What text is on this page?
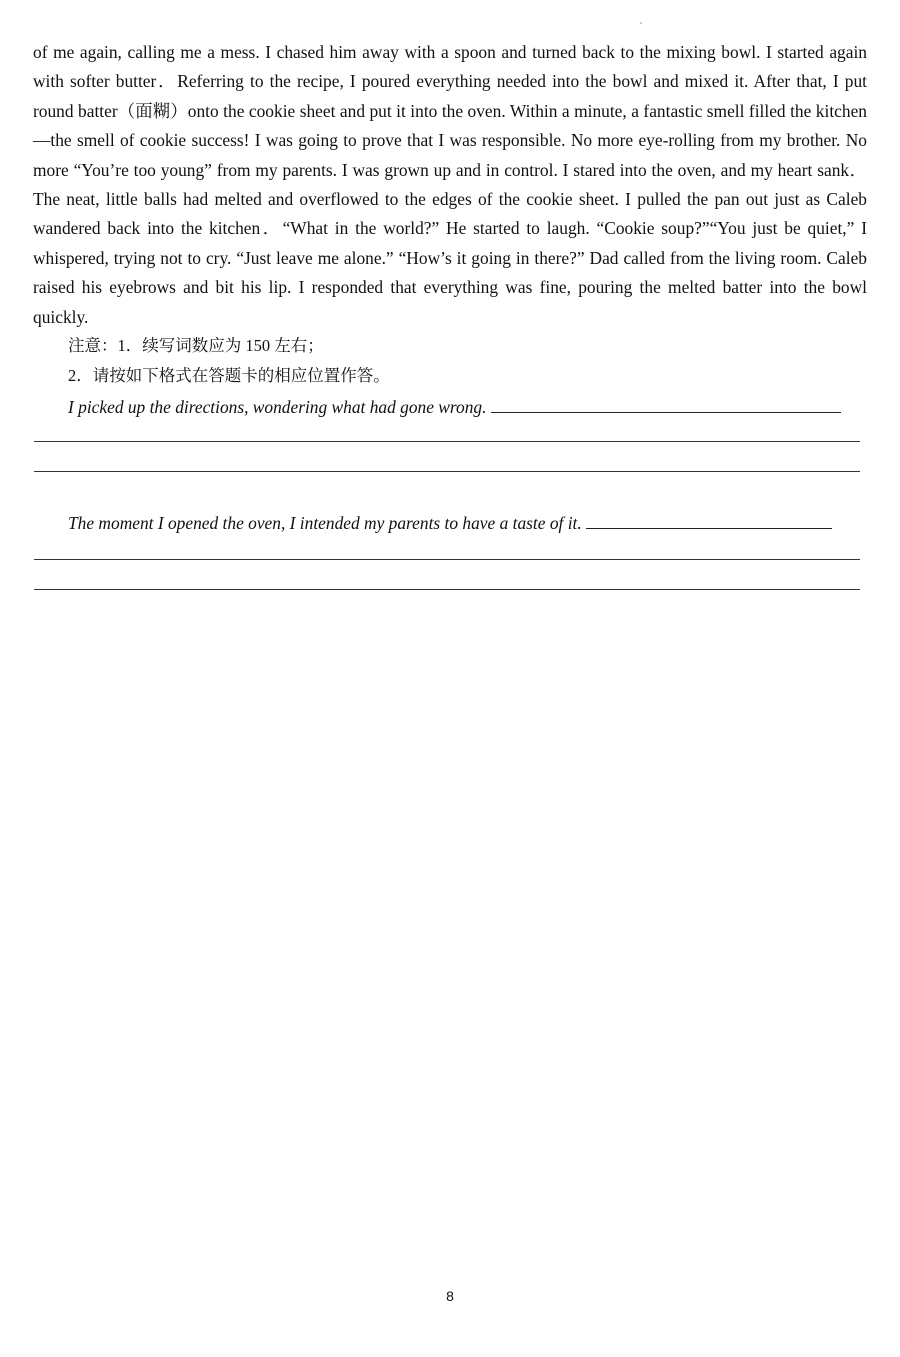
of me again, calling me a mess. I chased him away with a spoon and turned back to the mixing bowl. I started again with softer butter．Referring to the recipe, I poured everything needed into the bowl and mixed it. After that, I put round batter（面糊）onto the cookie sheet and put it into the oven. Within a minute, a fantastic smell filled the kitchen—the smell of cookie success! I was going to prove that I was responsible. No more eye-rolling from my brother. No more “You’re too young” from my parents. I was grown up and in control. I stared into the oven, and my heart sank．The neat, little balls had melted and overflowed to the edges of the cookie sheet. I pulled the pan out just as Caleb wandered back into the kitchen．“What in the world?” He started to laugh. “Cookie soup?”“You just be quiet,” I whispered, trying not to cry. “Just leave me alone.” “How’s it going in there?” Dad called from the living room. Caleb raised his eyebrows and bit his lip. I responded that everything was fine, pouring the melted batter into the bowl quickly.

注意：1．续写词数应为 150 左右；

2．请按如下格式在答题卡的相应位置作答。

I picked up the directions, wondering what had gone wrong.
The moment I opened the oven, I intended my parents to have a taste of it.
8
